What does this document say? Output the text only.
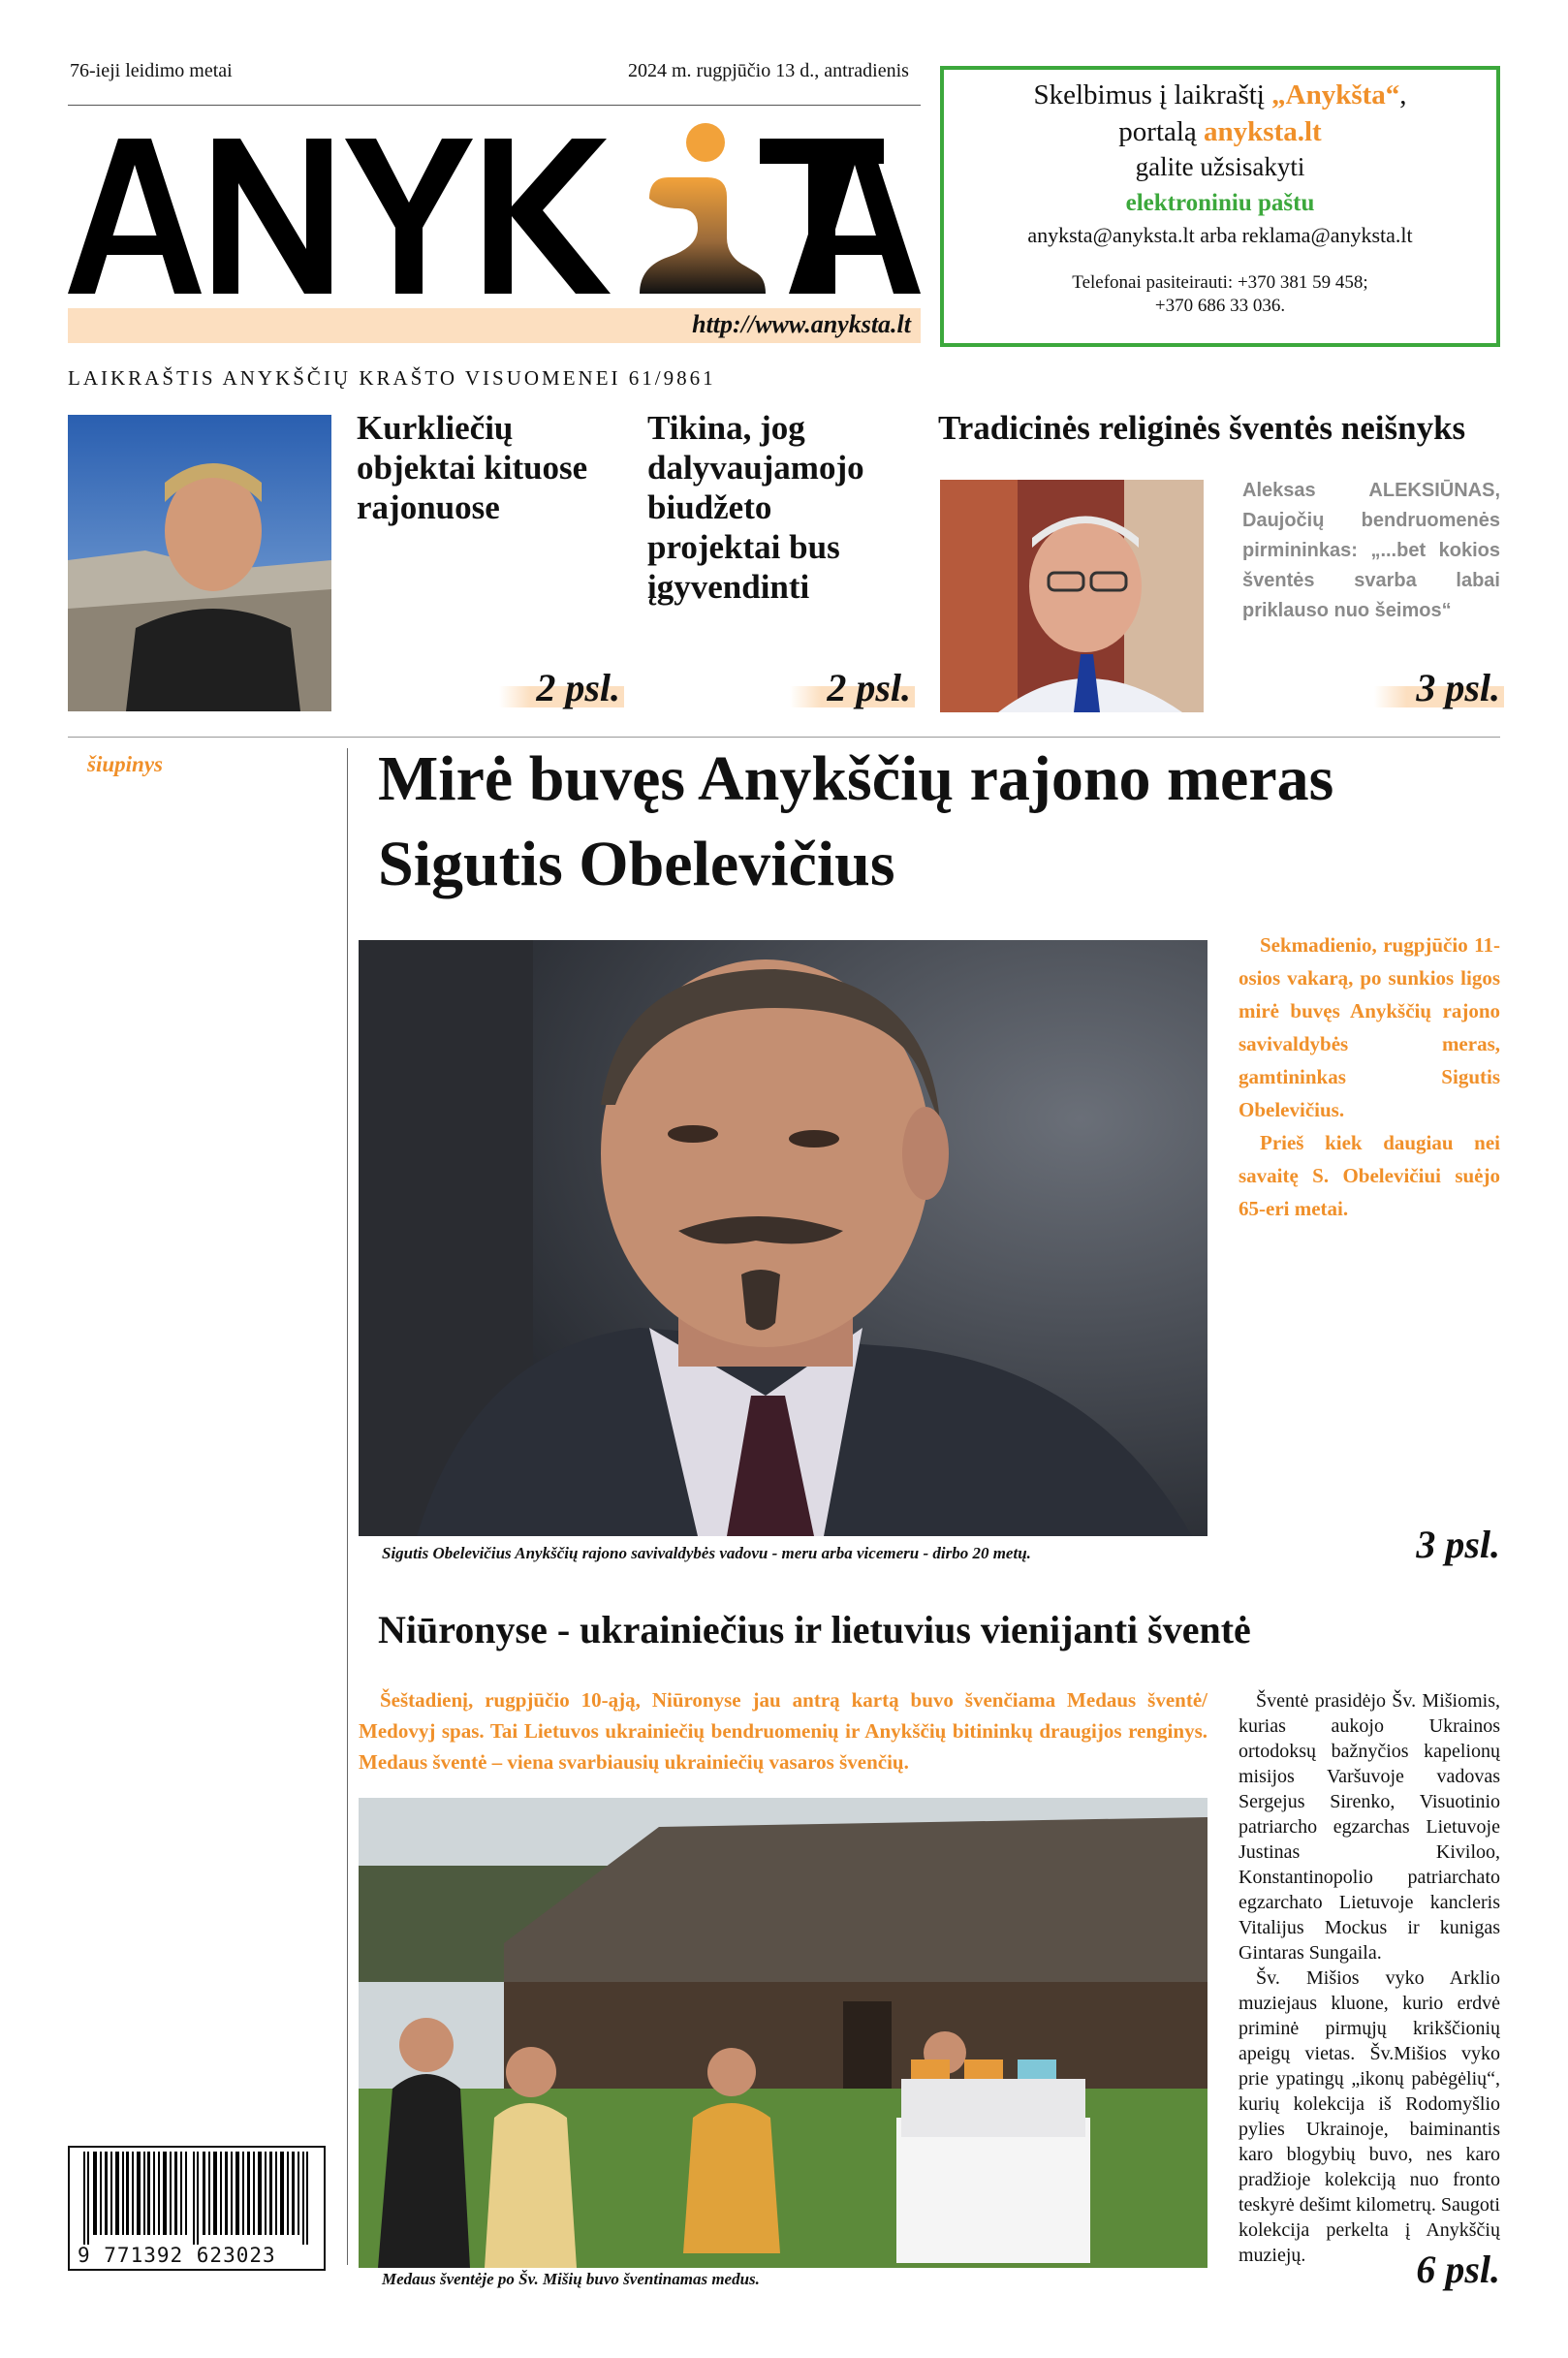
76-ieji leidimo metai	2024 m. rugpjūčio 13 d., antradienis
http://www.anyksta.lt
LAIKRAŠTIS ANYKŠČIŲ KRAŠTO VISUOMENEI 61/9861
Skelbimus į laikraštį „Anykšta“,
portalą anyksta.lt
galite užsisakyti
elektroniniu paštu
anyksta@anyksta.lt arba reklama@anyksta.lt
Telefonai pasiteirauti: +370 381 59 458;
+370 686 33 036.
Kurkliečių objektai kituose rajonuose
2 psl.
Tikina, jog dalyvaujamojo biudžeto projektai bus įgyvendinti
2 psl.
Tradicinės religinės šventės neišnyks
Aleksas ALEKSIŪNAS, Daujočių bendruomenės pirmininkas: „...bet kokios šventės svarba labai priklauso nuo šeimos“
3 psl.
šiupinys	Mirė buvęs Anykščių rajono meras Sigutis Obelevičius
Sekmadienio, rugpjūčio 11-osios vakarą, po sunkios ligos mirė buvęs Anykščių rajono savivaldybės meras, gamtininkas Sigutis Obelevičius.
Prieš kiek daugiau nei savaitę S. Obelevičiui suėjo 65-eri metai.
Sigutis Obelevičius Anykščių rajono savivaldybės vadovu - meru arba vicemeru - dirbo 20 metų.	3 psl.
Niūronyse - ukrainiečius ir lietuvius vienijanti šventė
Šeštadienį, rugpjūčio 10-ąją, Niūronyse jau antrą kartą buvo švenčiama Medaus šventė/ Medovyj spas. Tai Lietuvos ukrainiečių bendruomenių ir Anykščių bitininkų draugijos renginys. Medaus šventė – viena svarbiausių ukrainiečių vasaros švenčių.
Medaus šventėje po Šv. Mišių buvo šventinamas medus.
Šventė prasidėjo Šv. Mišiomis, kurias aukojo Ukrainos ortodoksų bažnyčios kapelionų misijos Varšuvoje vadovas Sergejus Sirenko, Visuotinio patriarcho egzarchas Lietuvoje Justinas Kiviloo, Konstantinopolio patriarchato egzarchato Lietuvoje kancleris Vitalijus Mockus ir kunigas Gintaras Sungaila.
Šv. Mišios vyko Arklio muziejaus kluone, kurio erdvė priminė pirmųjų krikščionių apeigų vietas. Šv.Mišios vyko prie ypatingų „ikonų pabėgėlių“, kurių kolekcija iš Rodomyšlio pylies Ukrainoje, baiminantis karo blogybių buvo, nes karo pradžioje kolekciją nuo fronto teskyrė dešimt kilometrų. Saugoti kolekcija perkelta į Anykščių muziejų.	6 psl.
9 771392 623023
